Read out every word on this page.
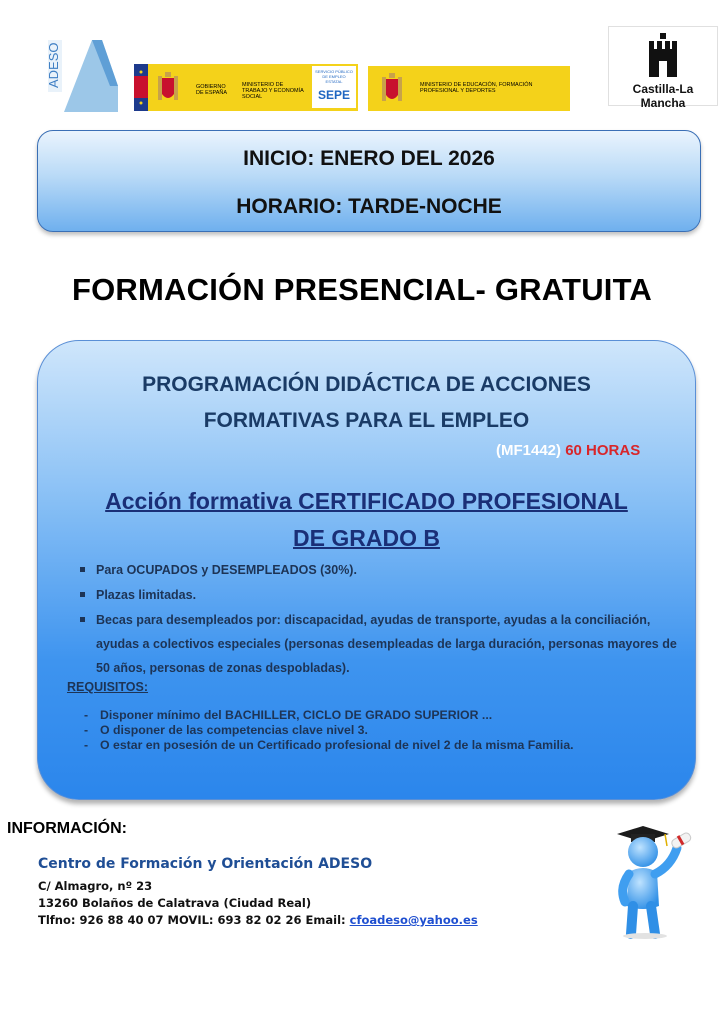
ADESO	GOBIERNO DE ESPAÑA
MINISTERIO DE TRABAJO Y ECONOMÍA SOCIAL
SERVICIO PÚBLICO DE EMPLEO ESTATAL
SEPE
MINISTERIO DE EDUCACIÓN, FORMACIÓN PROFESIONAL Y DEPORTES	Castilla-La Mancha
INICIO: ENERO DEL 2026
HORARIO: TARDE-NOCHE
FORMACIÓN PRESENCIAL- GRATUITA
PROGRAMACIÓN DIDÁCTICA DE ACCIONES
FORMATIVAS PARA EL EMPLEO
(MF1442) 60 HORAS
Acción formativa CERTIFICADO PROFESIONAL
DE GRADO B
Para OCUPADOS y DESEMPLEADOS (30%).
Plazas limitadas.
Becas para desempleados por: discapacidad, ayudas de transporte, ayudas a la conciliación, ayudas a colectivos especiales (personas desempleadas de larga duración, personas mayores de 50 años, personas de zonas despobladas).
REQUISITOS:
- Disponer mínimo del BACHILLER, CICLO DE GRADO SUPERIOR ...
- O disponer de las competencias clave nivel 3.
- O estar en posesión de un Certificado profesional de nivel 2 de la misma Familia.
INFORMACIÓN:
Centro de Formación y Orientación ADESO
C/ Almagro, nº 23
13260 Bolaños de Calatrava (Ciudad Real)
Tlfno: 926 88 40 07 MOVIL: 693 82 02 26 Email: cfoadeso@yahoo.es
